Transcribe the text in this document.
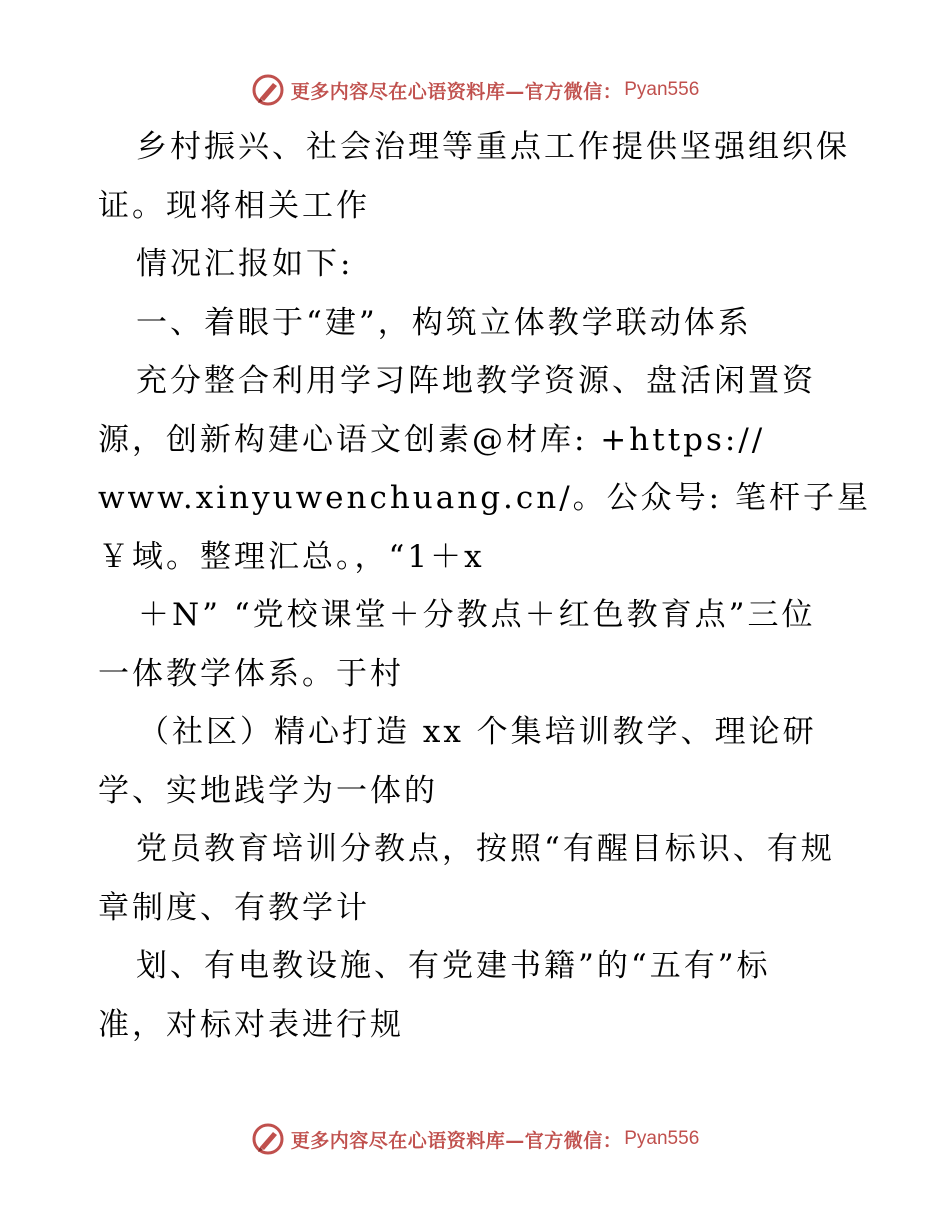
更多内容尽在心语资料库—官方微信： Pyan556
乡村振兴、社会治理等重点工作提供坚强组织保
证。现将相关工作
情况汇报如下:
一、着眼于“建”，构筑立体教学联动体系
充分整合利用学习阵地教学资源、盘活闲置资
源，创新构建心语文创素@材库: +https://
www.xinyuwenchuang.cn/。公众号: 笔杆子星
￥域。整理汇总。，“1＋x
＋N” “党校课堂＋分教点＋红色教育点”三位
一体教学体系。于村
（社区）精心打造 xx 个集培训教学、理论研
学、实地践学为一体的
党员教育培训分教点，按照“有醒目标识、有规
章制度、有教学计
划、有电教设施、有党建书籍”的“五有”标
准，对标对表进行规
更多内容尽在心语资料库—官方微信： Pyan556
